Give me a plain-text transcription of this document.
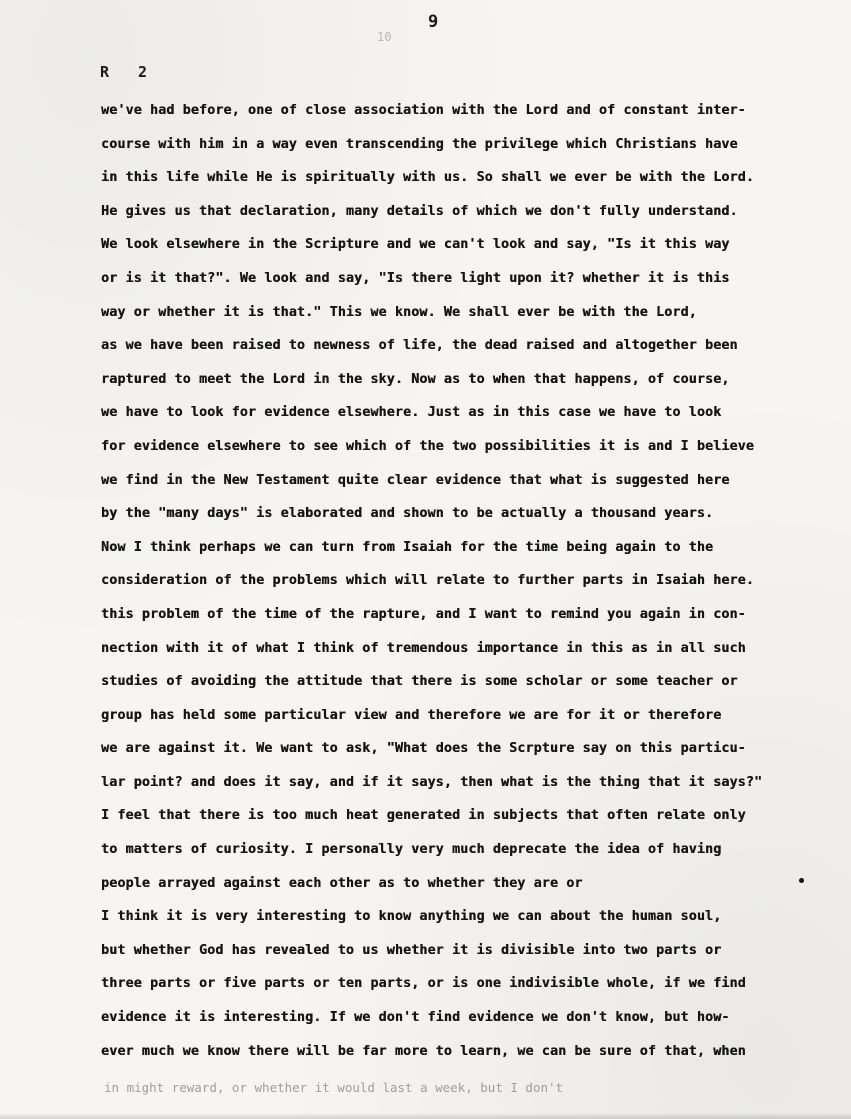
9
10
R 2
we've had before, one of close association with the Lord and of constant inter-
course with him in a way even transcending the privilege which Christians have
in this life while He is spiritually with us. So shall we ever be with the Lord.
He gives us that declaration, many details of which we don't fully understand.
We look elsewhere in the Scripture and we can't look and say, "Is it this way
or is it that?". We look and say, "Is there light upon it? whether it is this
way or whether it is that." This we know. We shall ever be with the Lord,
as we have been raised to newness of life, the dead raised and altogether been
raptured to meet the Lord in the sky. Now as to when that happens, of course,
we have to look for evidence elsewhere. Just as in this case we have to look
for evidence elsewhere to see which of the two possibilities it is and I believe
we find in the New Testament quite clear evidence that what is suggested here
by the "many days" is elaborated and shown to be actually a thousand years.
Now I think perhaps we can turn from Isaiah for the time being again to the
consideration of the problems which will relate to further parts in Isaiah here.
this problem of the time of the rapture, and I want to remind you again in con-
nection with it of what I think of tremendous importance in this as in all such
studies of avoiding the attitude that there is some scholar or some teacher or
group has held some particular view and therefore we are for it or therefore
we are against it. We want to ask, "What does the Scrpture say on this particu-
lar point? and does it say, and if it says, then what is the thing that it says?"
I feel that there is too much heat generated in subjects that often relate only
to matters of curiosity. I personally very much deprecate the idea of having
people arrayed against each other as to whether they are or
I think it is very interesting to know anything we can about the human soul,
but whether God has revealed to us whether it is divisible into two parts or
three parts or five parts or ten parts, or is one indivisible whole, if we find
evidence it is interesting. If we don't find evidence we don't know, but how-
ever much we know there will be far more to learn, we can be sure of that, when
in might reward, or whether it would last a week, but I don't
